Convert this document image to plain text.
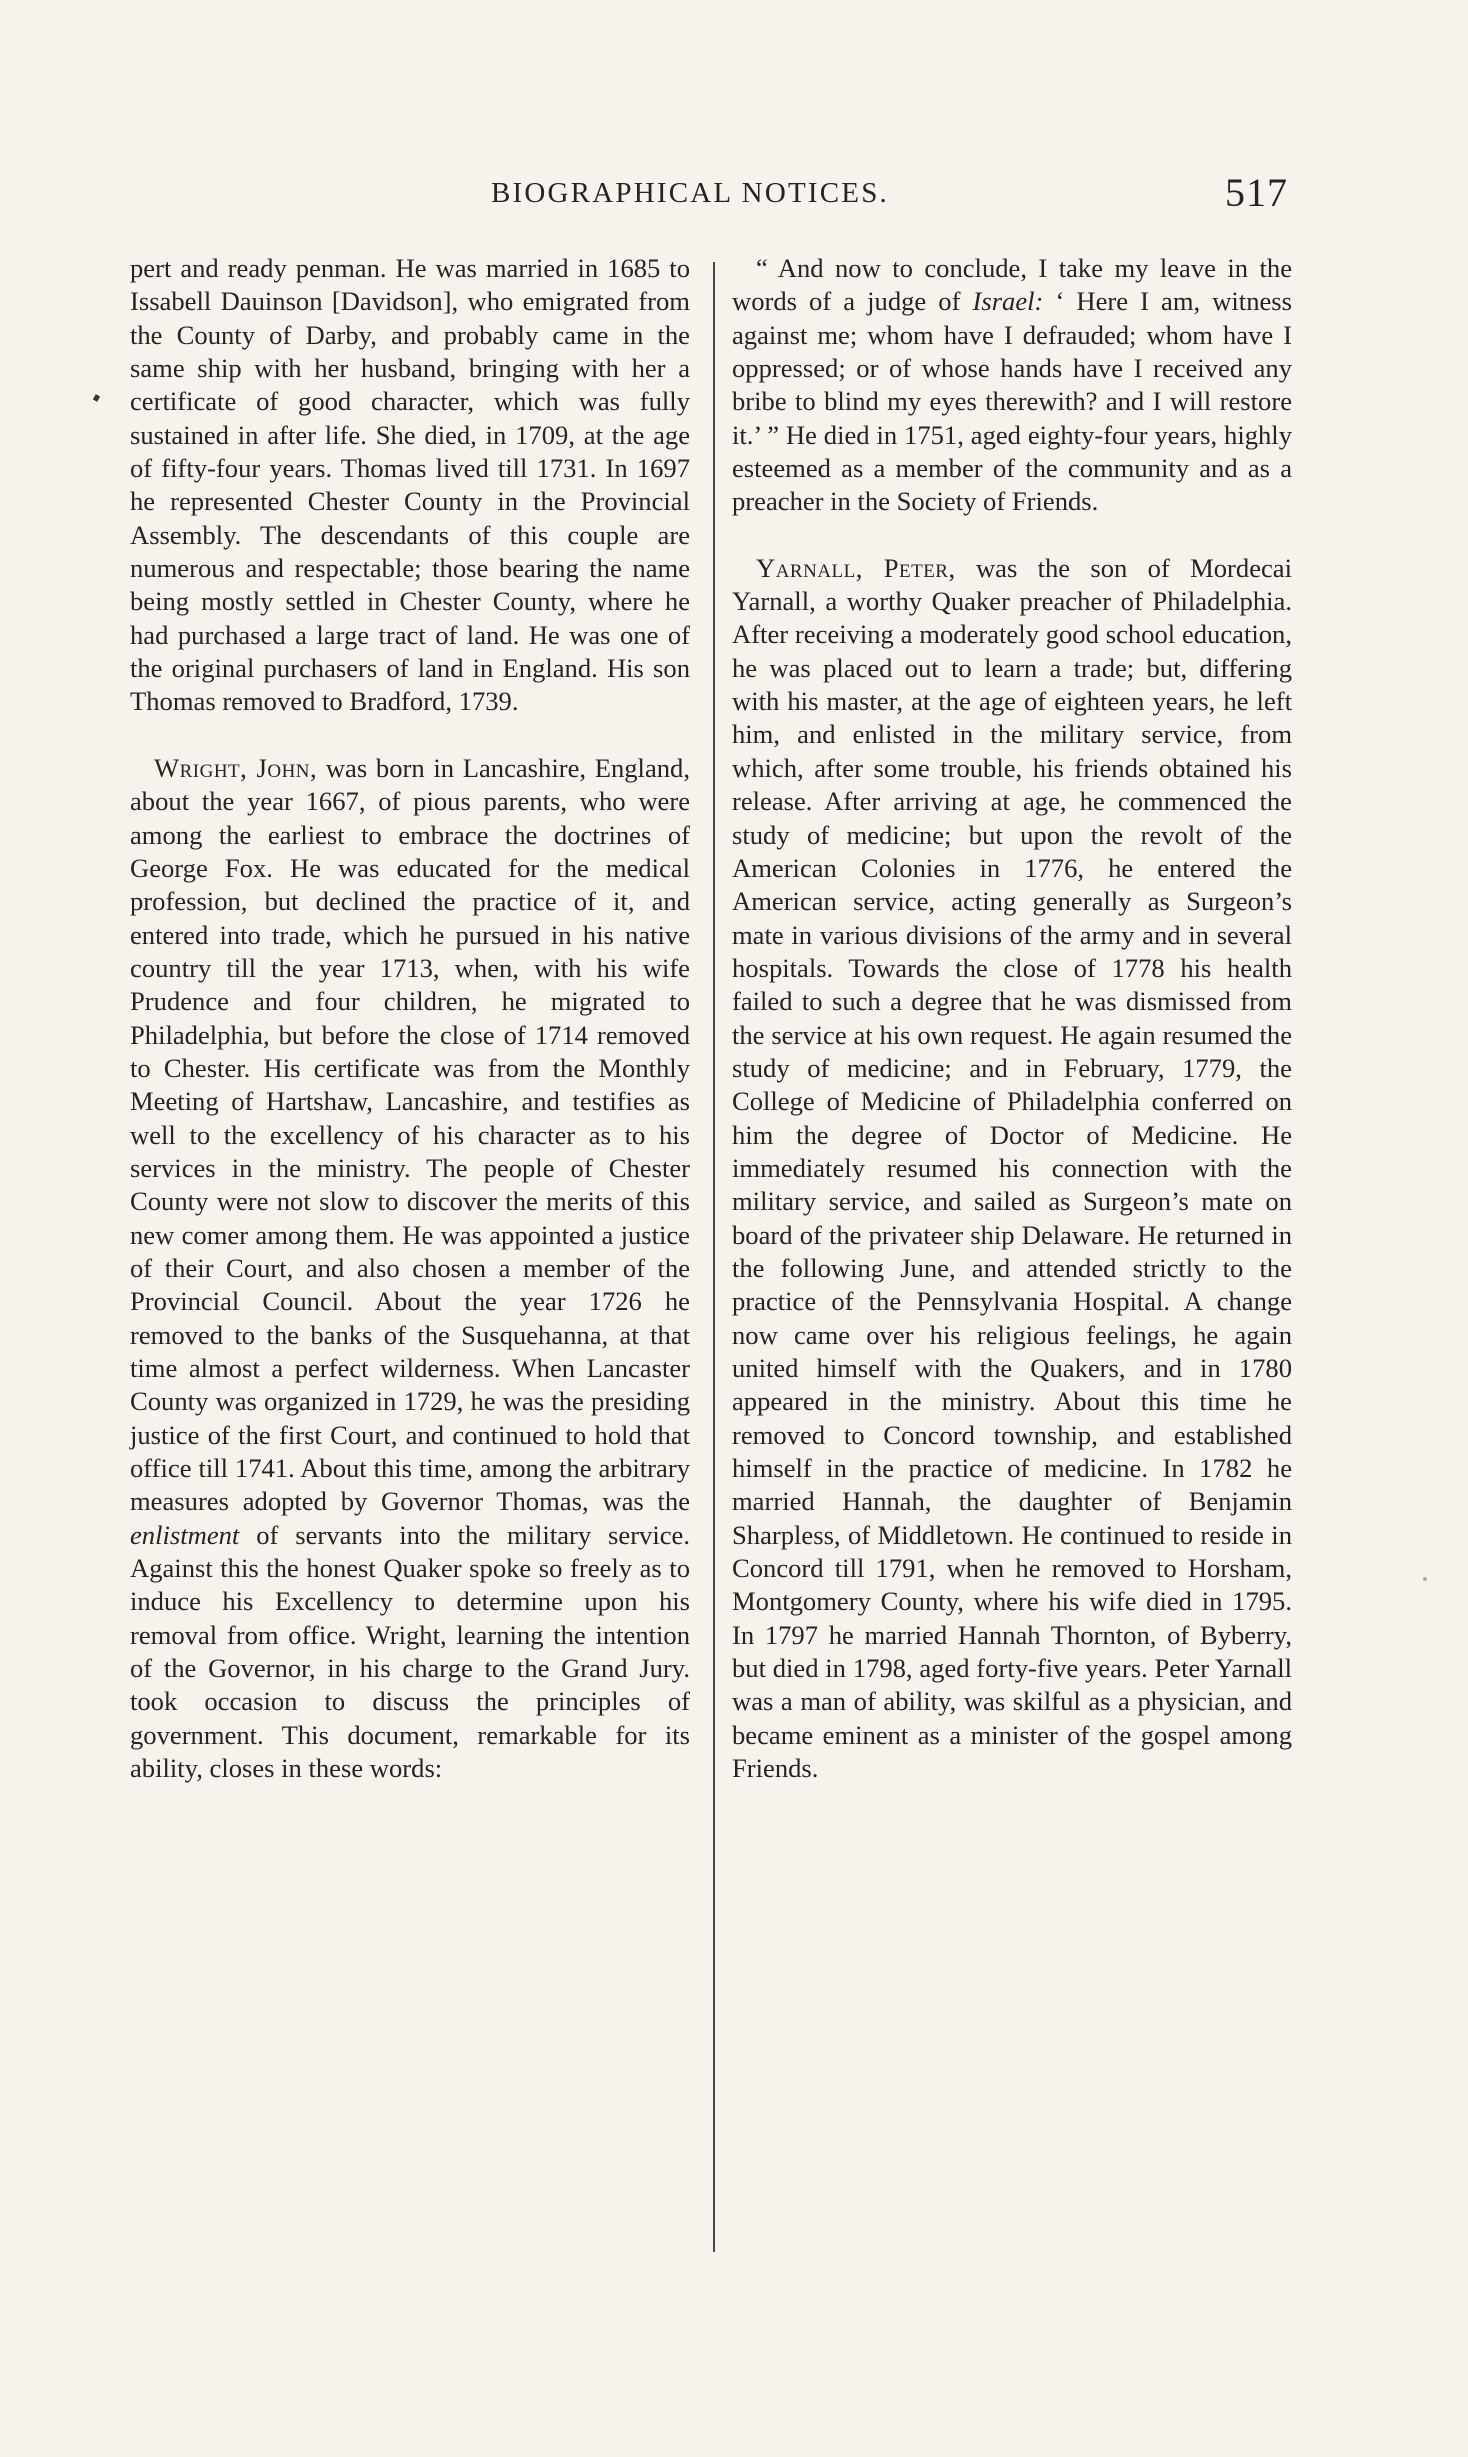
BIOGRAPHICAL NOTICES.	517

pert and ready penman. He was married in 1685 to Issabell Dauinson [Davidson], who emigrated from the County of Darby, and probably came in the same ship with her husband, bringing with her a certificate of good character, which was fully sustained in after life. She died, in 1709, at the age of fifty-four years. Thomas lived till 1731. In 1697 he represented Chester County in the Provincial Assembly. The descendants of this couple are numerous and respectable; those bearing the name being mostly settled in Chester County, where he had purchased a large tract of land. He was one of the original purchasers of land in England. His son Thomas removed to Bradford, 1739.

Wright, John, was born in Lancashire, England, about the year 1667, of pious parents, who were among the earliest to embrace the doctrines of George Fox. He was educated for the medical profession, but declined the practice of it, and entered into trade, which he pursued in his native country till the year 1713, when, with his wife Prudence and four children, he migrated to Philadelphia, but before the close of 1714 removed to Chester. His certificate was from the Monthly Meeting of Hartshaw, Lancashire, and testifies as well to the excellency of his character as to his services in the ministry. The people of Chester County were not slow to discover the merits of this new comer among them. He was appointed a justice of their Court, and also chosen a member of the Provincial Council. About the year 1726 he removed to the banks of the Susquehanna, at that time almost a perfect wilderness. When Lancaster County was organized in 1729, he was the presiding justice of the first Court, and continued to hold that office till 1741. About this time, among the arbitrary measures adopted by Governor Thomas, was the enlistment of servants into the military service. Against this the honest Quaker spoke so freely as to induce his Excellency to determine upon his removal from office. Wright, learning the intention of the Governor, in his charge to the Grand Jury. took occasion to discuss the principles of government. This document, remarkable for its ability, closes in these words:

“ And now to conclude, I take my leave in the words of a judge of Israel: ‘ Here I am, witness against me; whom have I defrauded; whom have I oppressed; or of whose hands have I received any bribe to blind my eyes therewith? and I will restore it.’ ” He died in 1751, aged eighty-four years, highly esteemed as a member of the community and as a preacher in the Society of Friends.

Yarnall, Peter, was the son of Mordecai Yarnall, a worthy Quaker preacher of Philadelphia. After receiving a moderately good school education, he was placed out to learn a trade; but, differing with his master, at the age of eighteen years, he left him, and enlisted in the military service, from which, after some trouble, his friends obtained his release. After arriving at age, he commenced the study of medicine; but upon the revolt of the American Colonies in 1776, he entered the American service, acting generally as Surgeon’s mate in various divisions of the army and in several hospitals. Towards the close of 1778 his health failed to such a degree that he was dismissed from the service at his own request. He again resumed the study of medicine; and in February, 1779, the College of Medicine of Philadelphia conferred on him the degree of Doctor of Medicine. He immediately resumed his connection with the military service, and sailed as Surgeon’s mate on board of the privateer ship Delaware. He returned in the following June, and attended strictly to the practice of the Pennsylvania Hospital. A change now came over his religious feelings, he again united himself with the Quakers, and in 1780 appeared in the ministry. About this time he removed to Concord township, and established himself in the practice of medicine. In 1782 he married Hannah, the daughter of Benjamin Sharpless, of Middletown. He continued to reside in Concord till 1791, when he removed to Horsham, Montgomery County, where his wife died in 1795. In 1797 he married Hannah Thornton, of Byberry, but died in 1798, aged forty-five years. Peter Yarnall was a man of ability, was skilful as a physician, and became eminent as a minister of the gospel among Friends.
